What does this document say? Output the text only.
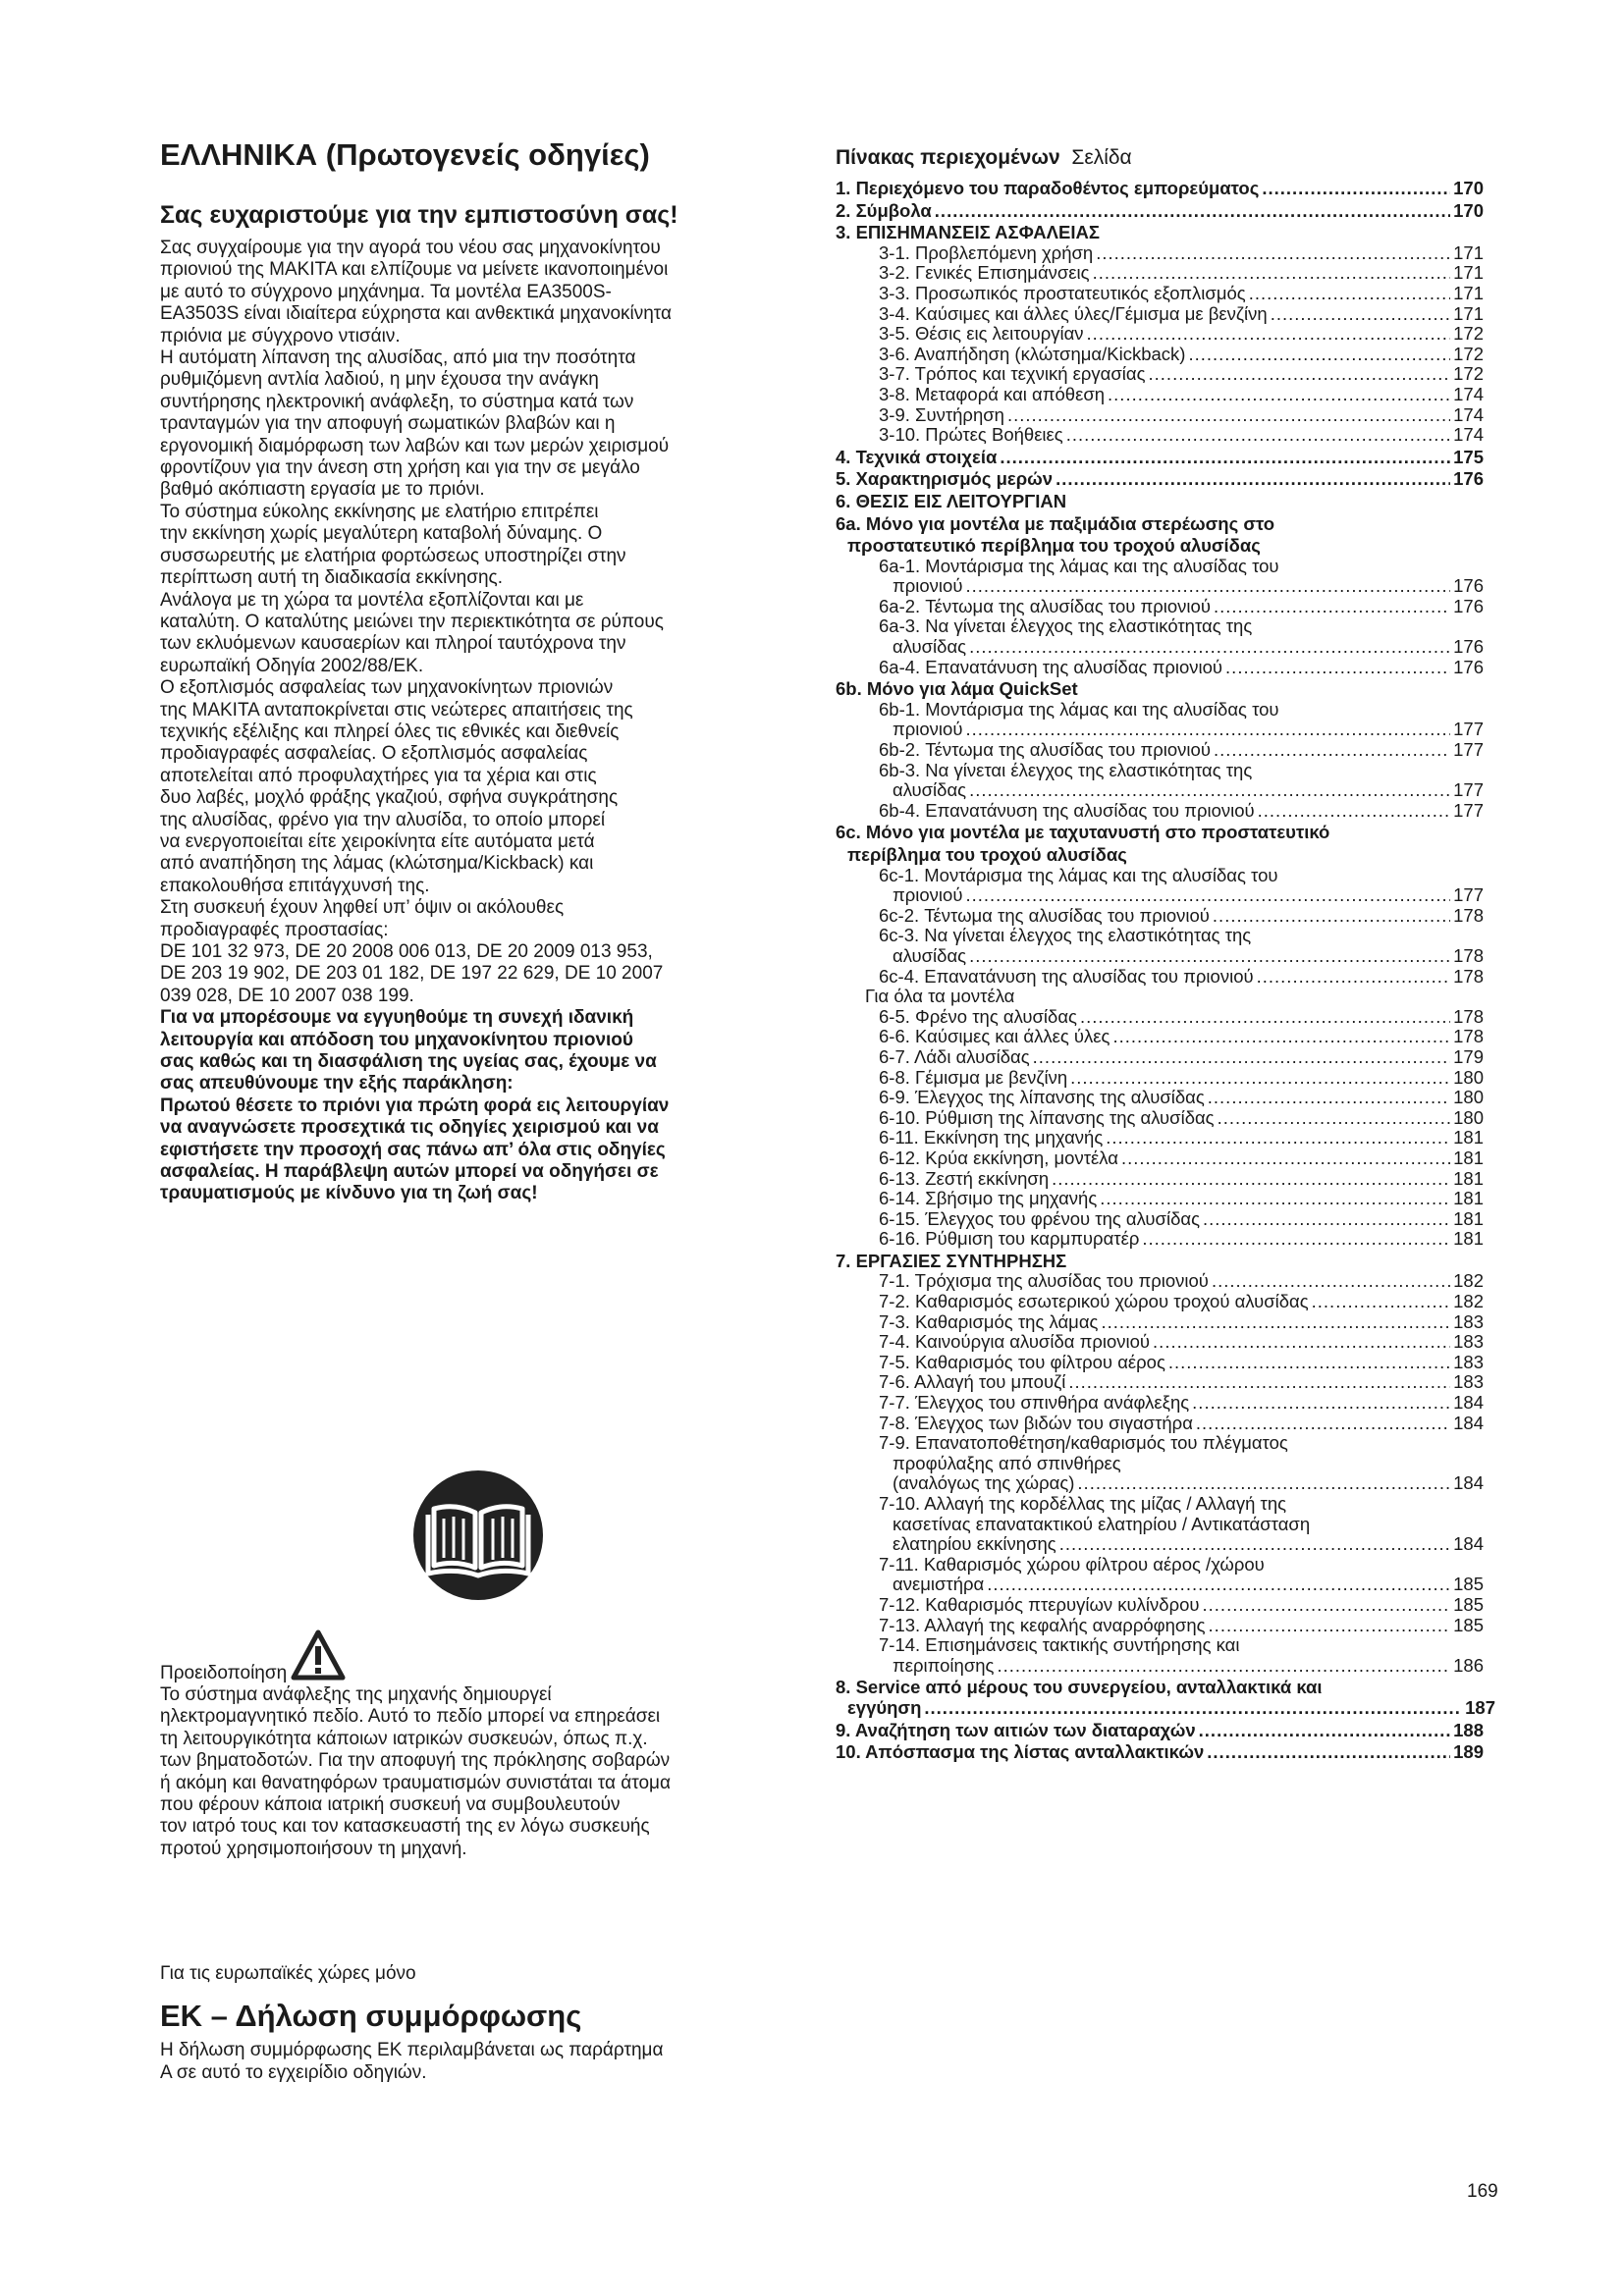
ΕΛΛΗΝΙΚΑ (Πρωτογενείς οδηγίες)
Σας ευχαριστούμε για την εμπιστοσύνη σας!
Σας συγχαίρουμε για την αγορά του νέου σας μηχανοκίνητου
πριονιού της ΜΑΚΙΤΑ και ελπίζουμε να μείνετε ικανοποιημένοι
με αυτό το σύγχρονο μηχάνημα. Τα μοντέλα EA3500S-
EA3503S είναι ιδιαίτερα εύχρηστα και ανθεκτικά μηχανοκίνητα
πριόνια με σύγχρονο ντισάιν.
Η αυτόματη λίπανση της αλυσίδας, από μια την ποσότητα
ρυθμιζόμενη αντλία λαδιού, η μην έχουσα την ανάγκη
συντήρησης ηλεκτρονική ανάφλεξη, το σύστημα κατά των
τρανταγμών για την αποφυγή σωματικών βλαβών και η
εργονομική διαμόρφωση των λαβών και των μερών χειρισμού
φροντίζουν για την άνεση στη χρήση και για την σε μεγάλο
βαθμό ακόπιαστη εργασία με το πριόνι.
Το σύστημα εύκολης εκκίνησης με ελατήριο επιτρέπει
την εκκίνηση χωρίς μεγαλύτερη καταβολή δύναμης. Ο
συσσωρευτής με ελατήρια φορτώσεως υποστηρίζει στην
περίπτωση αυτή τη διαδικασία εκκίνησης.
Ανάλογα με τη χώρα τα μοντέλα εξοπλίζονται και με
καταλύτη. Ο καταλύτης μειώνει την περιεκτικότητα σε ρύπους
των εκλυόμενων καυσαερίων και πληροί ταυτόχρονα την
ευρωπαϊκή Οδηγία 2002/88/ΕΚ.
Ο εξοπλισμός ασφαλείας των μηχανοκίνητων πριονιών
της ΜΑΚΙΤΑ ανταποκρίνεται στις νεώτερες απαιτήσεις της
τεχνικής εξέλιξης και πληρεί όλες τις εθνικές και διεθνείς
προδιαγραφές ασφαλείας. Ο εξοπλισμός ασφαλείας
αποτελείται από προφυλαχτήρες για τα χέρια και στις
δυο λαβές, μοχλό φράξης γκαζιού, σφήνα συγκράτησης
της αλυσίδας, φρένο για την αλυσίδα, το οποίο μπορεί
να ενεργοποιείται είτε χειροκίνητα είτε αυτόματα μετά
από αναπήδηση της λάμας (κλώτσημα/Kickback) και
επακολουθήσα επιτάγχυνσή της.
Στη συσκευή έχουν ληφθεί υπ’ όψιν οι ακόλουθες
προδιαγραφές προστασίας:
DE 101 32 973, DE 20 2008 006 013, DE 20 2009 013 953,
DE 203 19 902, DE 203 01 182, DE 197 22 629, DE 10 2007
039 028, DE 10 2007 038 199.
Για να μπορέσουμε να εγγυηθούμε τη συνεχή ιδανική
λειτουργία και απόδοση του μηχανοκίνητου πριονιού
σας καθώς και τη διασφάλιση της υγείας σας, έχουμε να
σας απευθύνουμε την εξής παράκληση:
Πρωτού θέσετε το πριόνι για πρώτη φορά εις λειτουργίαν
να αναγνώσετε προσεχτικά τις οδηγίες χειρισμού και να
εφιστήσετε την προσοχή σας πάνω απ’ όλα στις οδηγίες
ασφαλείας. Η παράβλεψη αυτών μπορεί να οδηγήσει σε
τραυματισμούς με κίνδυνο για τη ζωή σας!
Προειδοποίηση
Το σύστημα ανάφλεξης της μηχανής δημιουργεί
ηλεκτρομαγνητικό πεδίο. Αυτό το πεδίο μπορεί να επηρεάσει
τη λειτουργικότητα κάποιων ιατρικών συσκευών, όπως π.χ.
των βηματοδοτών. Για την αποφυγή της πρόκλησης σοβαρών
ή ακόμη και θανατηφόρων τραυματισμών συνιστάται τα άτομα
που φέρουν κάποια ιατρική συσκευή να συμβουλευτούν
τον ιατρό τους και τον κατασκευαστή της εν λόγω συσκευής
προτού χρησιμοποιήσουν τη μηχανή.
Για τις ευρωπαϊκές χώρες μόνο
ΕΚ – Δήλωση συμμόρφωσης
Η δήλωση συμμόρφωσης ΕΚ περιλαμβάνεται ως παράρτημα
A σε αυτό το εγχειρίδιο οδηγιών.
Πίνακας περιεχομένων Σελίδα
1. Περιεχόμενο του παραδοθέντος εμπορεύματος .....	170
2. Σύμβολα .....	170
3. ΕΠΙΣΗΜΑΝΣΕΙΣ ΑΣΦΑΛΕΙΑΣ
3-1. Προβλεπόμενη χρήση .....	171
3-2. Γενικές Επισημάνσεις .....	171
3-3. Προσωπικός προστατευτικός εξοπλισμός .....	171
3-4. Καύσιμες και άλλες ύλες/Γέμισμα με βενζίνη .....	171
3-5. Θέσις εις λειτουργίαν .....	172
3-6. Αναπήδηση (κλώτσημα/Kickback) .....	172
3-7. Τρόπος και τεχνική εργασίας .....	172
3-8. Μεταφορά και απόθεση .....	174
3-9. Συντήρηση .....	174
3-10. Πρώτες Βοήθειες .....	174
4. Τεχνικά στοιχεία .....	175
5. Χαρακτηρισμός μερών .....	176
6. ΘΕΣΙΣ ΕΙΣ ΛΕΙΤΟΥΡΓΙΑΝ
6a. Μόνο για μοντέλα με παξιμάδια στερέωσης στο
προστατευτικό περίβλημα του τροχού αλυσίδας
6a-1. Μοντάρισμα της λάμας και της αλυσίδας του
πριονιού .....	176
6a-2. Τέντωμα της αλυσίδας του πριονιού .....	176
6a-3. Να γίνεται έλεγχος της ελαστικότητας της
αλυσίδας .....	176
6a-4. Επανατάνυση της αλυσίδας πριονιού .....	176
6b. Μόνο για λάμα QuickSet
6b-1. Μοντάρισμα της λάμας και της αλυσίδας του
πριονιού .....	177
6b-2. Τέντωμα της αλυσίδας του πριονιού .....	177
6b-3. Να γίνεται έλεγχος της ελαστικότητας της
αλυσίδας .....	177
6b-4. Επανατάνυση της αλυσίδας του πριονιού .....	177
6c. Μόνο για μοντέλα με ταχυτανυστή στο προστατευτικό
περίβλημα του τροχού αλυσίδας
6c-1. Μοντάρισμα της λάμας και της αλυσίδας του
πριονιού .....	177
6c-2. Τέντωμα της αλυσίδας του πριονιού .....	178
6c-3. Να γίνεται έλεγχος της ελαστικότητας της
αλυσίδας .....	178
6c-4. Επανατάνυση της αλυσίδας του πριονιού .....	178
Για όλα τα μοντέλα
6-5. Φρένο της αλυσίδας .....	178
6-6. Καύσιμες και άλλες ύλες .....	178
6-7. Λάδι αλυσίδας .....	179
6-8. Γέμισμα με βενζίνη .....	180
6-9. Έλεγχος της λίπανσης της αλυσίδας .....	180
6-10. Ρύθμιση της λίπανσης της αλυσίδας .....	180
6-11. Εκκίνηση της μηχανής .....	181
6-12. Κρύα εκκίνηση, μοντέλα .....	181
6-13. Ζεστή εκκίνηση .....	181
6-14. Σβήσιμο της μηχανής .....	181
6-15. Έλεγχος του φρένου της αλυσίδας .....	181
6-16. Ρύθμιση του καρμπυρατέρ .....	181
7. ΕΡΓΑΣΙΕΣ ΣΥΝΤΗΡΗΣΗΣ
7-1. Τρόχισμα της αλυσίδας του πριονιού .....	182
7-2. Καθαρισμός εσωτερικού χώρου τροχού αλυσίδας .....	182
7-3. Καθαρισμός της λάμας .....	183
7-4. Καινούργια αλυσίδα πριονιού .....	183
7-5. Καθαρισμός του φίλτρου αέρος .....	183
7-6. Αλλαγή του μπουζί .....	183
7-7. Έλεγχος του σπινθήρα ανάφλεξης .....	184
7-8. Έλεγχος των βιδών του σιγαστήρα .....	184
7-9. Επανατοποθέτηση/καθαρισμός του πλέγματος
προφύλαξης από σπινθήρες
(αναλόγως της χώρας) .....	184
7-10. Αλλαγή της κορδέλλας της μίζας / Αλλαγή της
κασετίνας επανατακτικού ελατηρίου / Αντικατάσταση
ελατηρίου εκκίνησης .....	184
7-11. Καθαρισμός χώρου φίλτρου αέρος /χώρου
ανεμιστήρα .....	185
7-12. Καθαρισμός πτερυγίων κυλίνδρου .....	185
7-13. Αλλαγή της κεφαλής αναρρόφησης .....	185
7-14. Επισημάνσεις τακτικής συντήρησης και
περιποίησης .....	186
8. Service από μέρους του συνεργείου, ανταλλακτικά και
εγγύηση .....	187
9. Αναζήτηση των αιτιών των διαταραχών .....	188
10. Απόσπασμα της λίστας ανταλλακτικών .....	189
169
